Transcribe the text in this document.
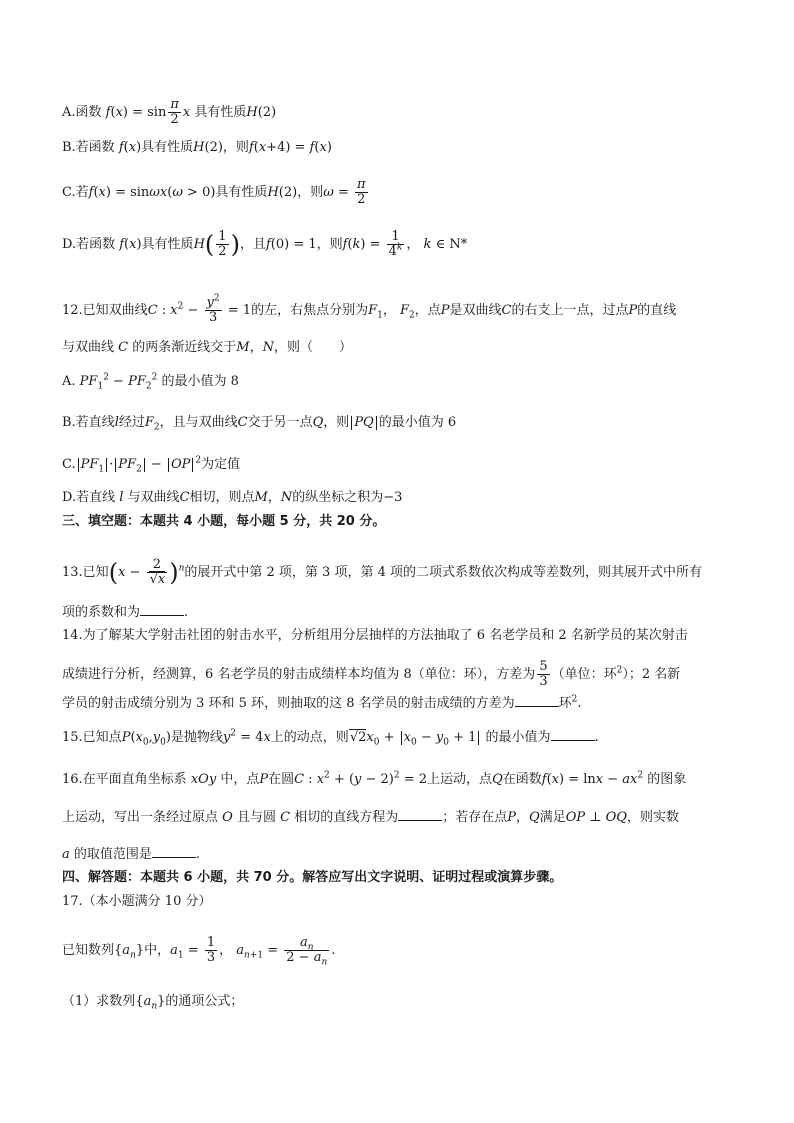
A.函数 $f(x) = \sin \frac{\pi}{2}$ x 具有性质H(2)
B.若函数 f(x)具有性质H(2)，则f(x+4) = f(x)
C.若f(x) = sinωx(ω > 0)具有性质H(2)，则$\omega = \frac{\pi}{2}$
D.若函数 f(x)具有性质$H( \frac{1}{2}$ )，且f(0) = 1，则$f(k) = \frac{1}{4^k}$ ， k ∈ N*
12.已知双曲线C : $x^2 - \frac{y^2}{3} = 1$的左，右焦点分别为$F_1$， $F_2$，点P是双曲线C的右支上一点，过点P的直线
与双曲线 C 的两条渐近线交于M，N，则（　　）
A. $PF_1^2 - PF_2^2$ 的最小值为 8
B.若直线l经过$F_2$，且与双曲线C交于另一点Q，则 PQ 的最小值为 6
C. $PF_1 \cdot PF_2$ − OP $^2$为定值
D.若直线 l 与双曲线C相切，则点M，N的纵坐标之积为−3
三、填空题：本题共 4 小题，每小题 5 分，共 20 分。
13.已知$(x - \frac{2}{√x} )^n$的展开式中第 2 项，第 3 项，第 4 项的二项式系数依次构成等差数列，则其展开式中所有
项的系数和为	.
14.为了解某大学射击社团的射击水平，分析组用分层抽样的方法抽取了 6 名老学员和 2 名新学员的某次射击
成绩进行分析，经测算，6 名老学员的射击成绩样本均值为 8（单位：环），方差为 $\frac{5}{3}$ （单位：环$^2$）；2 名新
学员的射击成绩分别为 3 环和 5 环，则抽取的这 8 名学员的射击成绩的方差为	环$^2$.
15.已知点$P(x_0,y_0)$是抛物线$y^2 = 4x$上的动点，则$√2x_0 + x_0 - y_0 + 1$ 的最小值为	.
16.在平面直角坐标系 xOy 中，点P在圆C : $x^2 + (y - 2)^2 = 2$上运动，点Q在函数$f(x) = \ln x - ax^2$ 的图象
上运动，写出一条经过原点 O 且与圆 C 相切的直线方程为	；若存在点P，Q满足OP ⊥ OQ，则实数
a 的取值范围是	.
四、解答题：本题共 6 小题，共 70 分。解答应写出文字说明、证明过程或演算步骤。
17.（本小题满分 10 分）
已知数列$\{a_n\}$中，$a_1 = \frac{1}{3}$ ， $a_{n+1} = \frac{a_n}{2 - a_n}$ .
（1）求数列$\{a_n\}$的通项公式；
